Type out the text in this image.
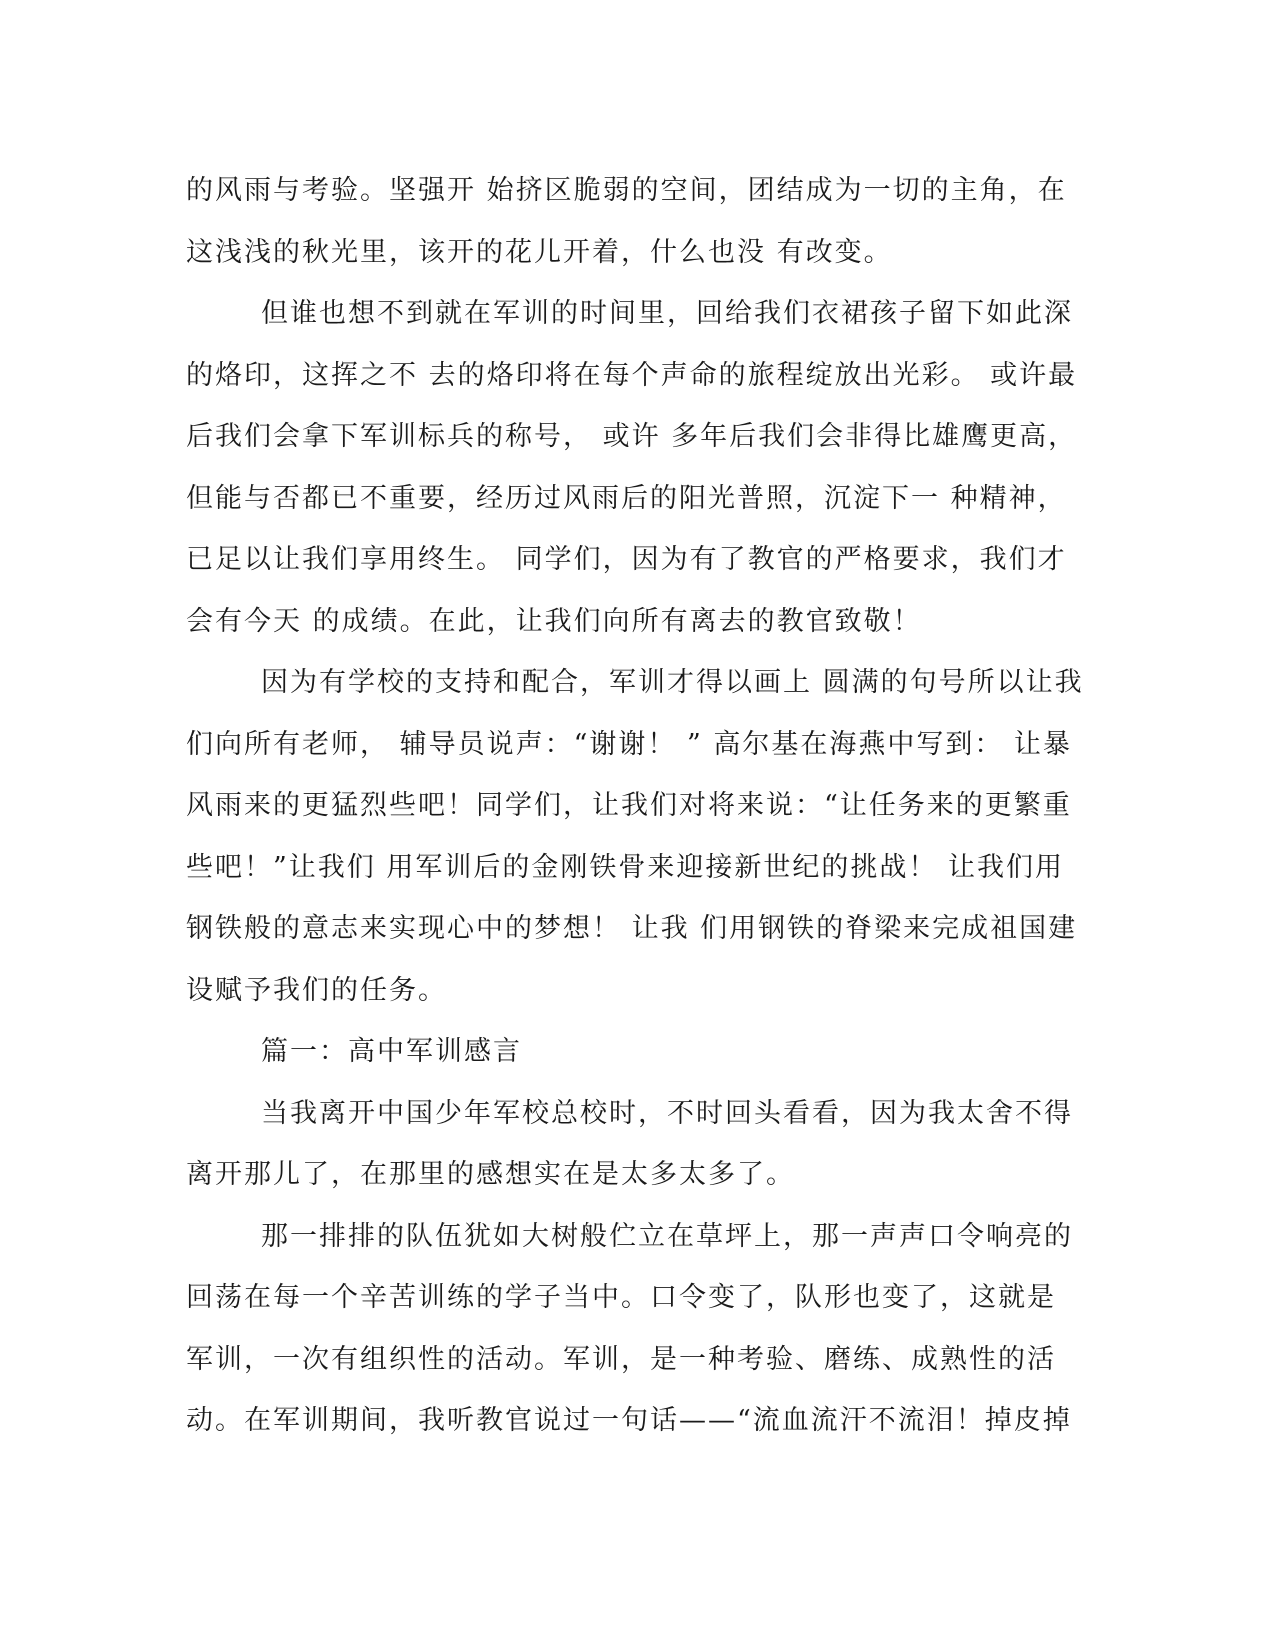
的风雨与考验。坚强开 始挤区脆弱的空间，团结成为一切的主角，在
这浅浅的秋光里，该开的花儿开着，什么也没 有改变。
但谁也想不到就在军训的时间里，回给我们衣裙孩子留下如此深
的烙印，这挥之不 去的烙印将在每个声命的旅程绽放出光彩。 或许最
后我们会拿下军训标兵的称号， 或许 多年后我们会非得比雄鹰更高，
但能与否都已不重要，经历过风雨后的阳光普照，沉淀下一 种精神，
已足以让我们享用终生。 同学们，因为有了教官的严格要求，我们才
会有今天 的成绩。在此，让我们向所有离去的教官致敬！
因为有学校的支持和配合，军训才得以画上 圆满的句号所以让我
们向所有老师， 辅导员说声：“谢谢！ ” 高尔基在海燕中写到： 让暴
风雨来的更猛烈些吧！同学们，让我们对将来说：“让任务来的更繁重
些吧！”让我们 用军训后的金刚铁骨来迎接新世纪的挑战！ 让我们用
钢铁般的意志来实现心中的梦想！ 让我 们用钢铁的脊梁来完成祖国建
设赋予我们的任务。
篇一：高中军训感言
当我离开中国少年军校总校时，不时回头看看，因为我太舍不得
离开那儿了，在那里的感想实在是太多太多了。
那一排排的队伍犹如大树般伫立在草坪上，那一声声口令响亮的
回荡在每一个辛苦训练的学子当中。口令变了，队形也变了，这就是
军训，一次有组织性的活动。军训，是一种考验、磨练、成熟性的活
动。在军训期间，我听教官说过一句话——“流血流汗不流泪！掉皮掉
